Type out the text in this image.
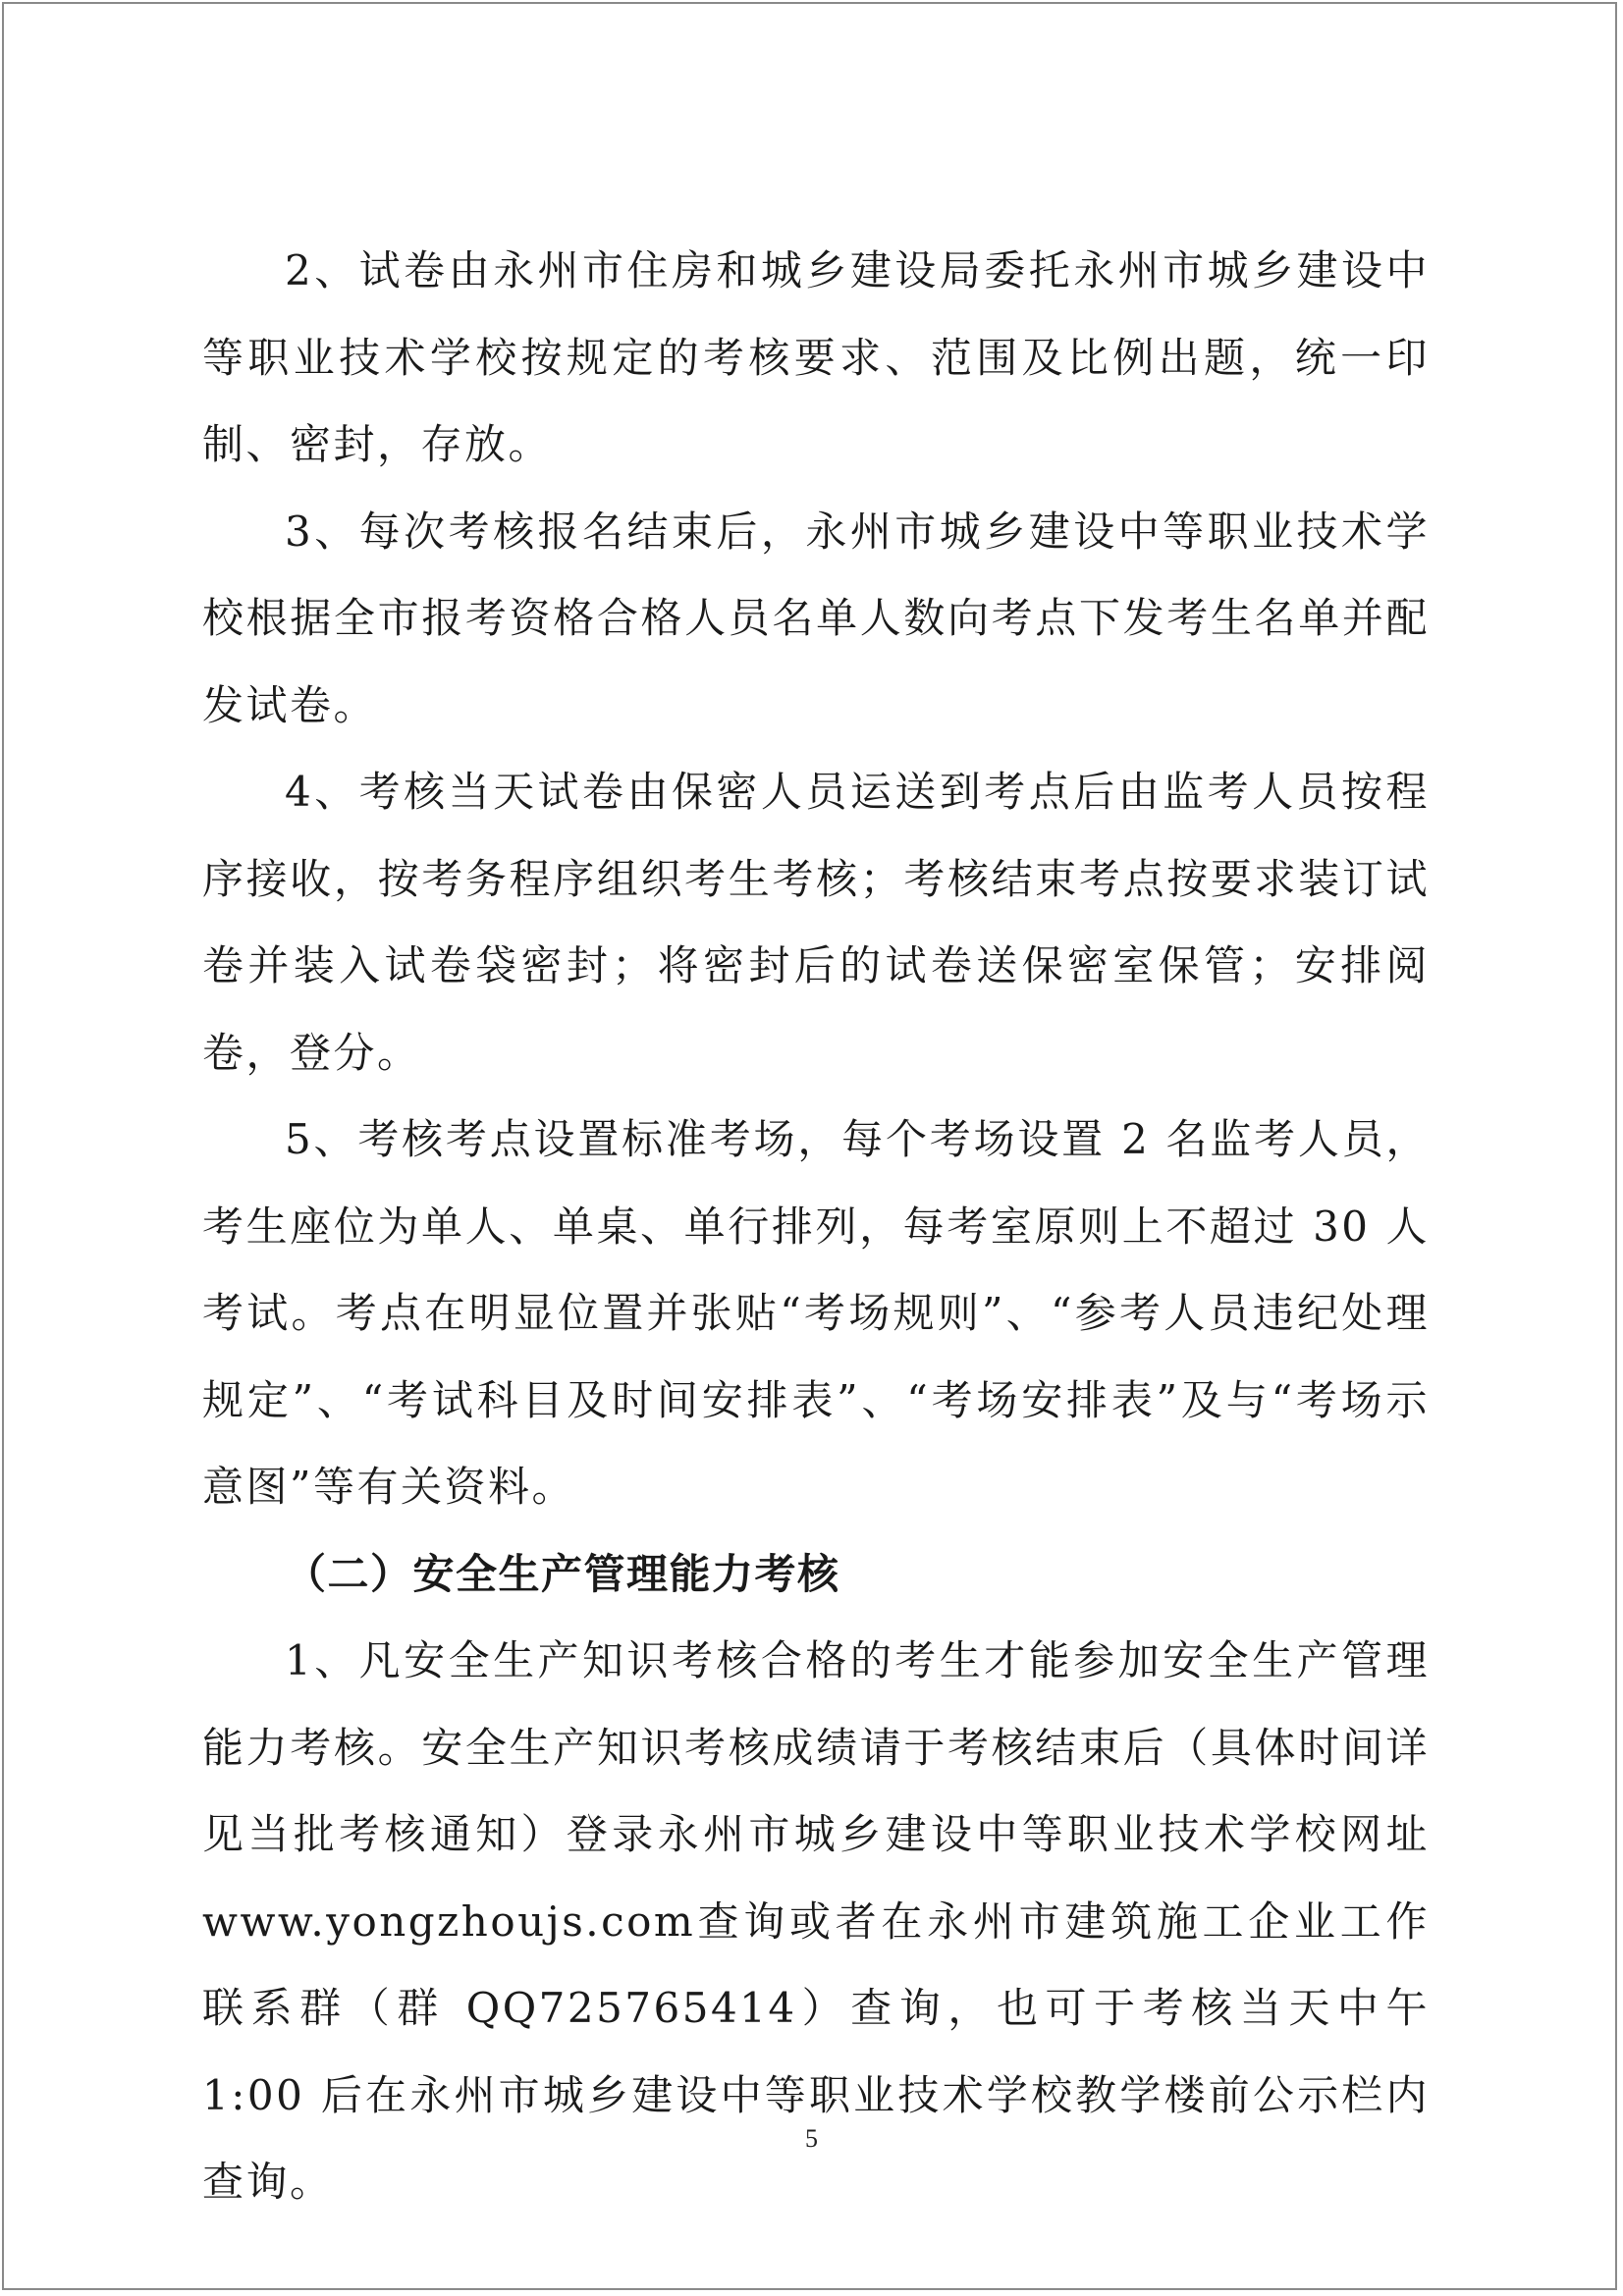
2、试卷由永州市住房和城乡建设局委托永州市城乡建设中等职业技术学校按规定的考核要求、范围及比例出题，统一印制、密封，存放。

3、每次考核报名结束后，永州市城乡建设中等职业技术学校根据全市报考资格合格人员名单人数向考点下发考生名单并配发试卷。

4、考核当天试卷由保密人员运送到考点后由监考人员按程序接收，按考务程序组织考生考核；考核结束考点按要求装订试卷并装入试卷袋密封；将密封后的试卷送保密室保管；安排阅卷，登分。

5、考核考点设置标准考场，每个考场设置 2 名监考人员，考生座位为单人、单桌、单行排列，每考室原则上不超过 30 人考试。考点在明显位置并张贴“考场规则”、“参考人员违纪处理规定”、“考试科目及时间安排表”、“考场安排表”及与“考场示意图”等有关资料。

（二）安全生产管理能力考核

1、凡安全生产知识考核合格的考生才能参加安全生产管理能力考核。安全生产知识考核成绩请于考核结束后（具体时间详见当批考核通知）登录永州市城乡建设中等职业技术学校网址www.yongzhoujs.com查询或者在永州市建筑施工企业工作联系群（群 QQ725765414）查询，也可于考核当天中午 1:00 后在永州市城乡建设中等职业技术学校教学楼前公示栏内查询。

5
